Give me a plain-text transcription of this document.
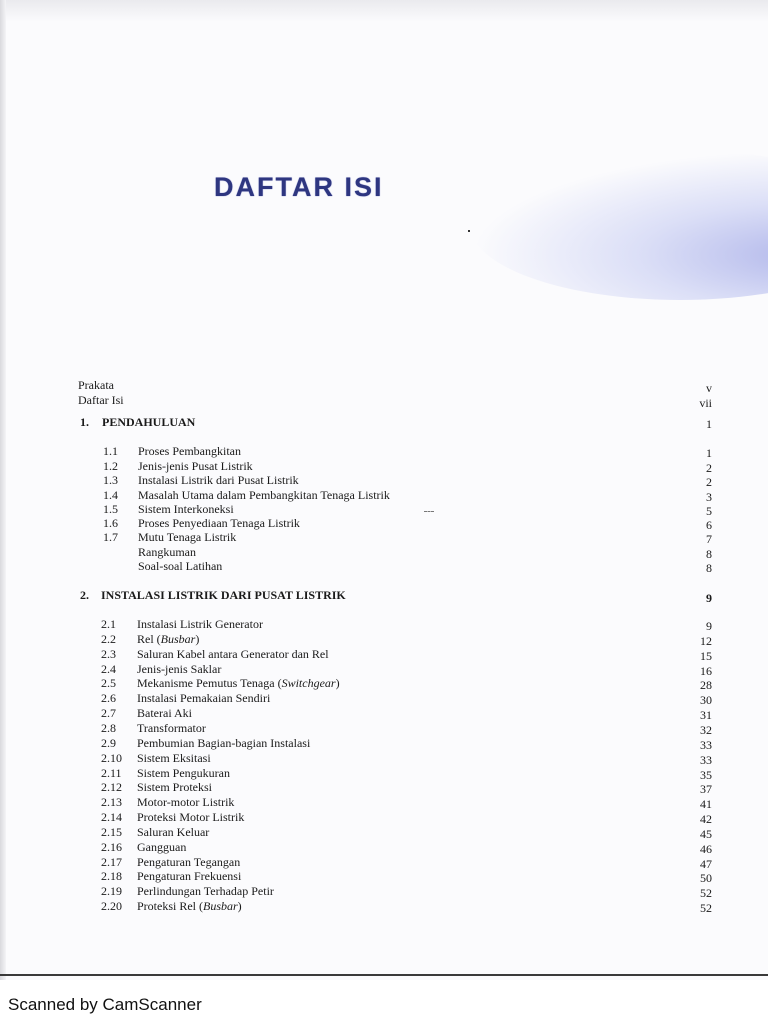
DAFTAR ISI
Prakata	v
Daftar Isi	vii
1. PENDAHULUAN	1
1.1 Proses Pembangkitan	1
1.2 Jenis-jenis Pusat Listrik	2
1.3 Instalasi Listrik dari Pusat Listrik	2
1.4 Masalah Utama dalam Pembangkitan Tenaga Listrik	3
1.5 Sistem Interkoneksi	5
1.6 Proses Penyediaan Tenaga Listrik	6
1.7 Mutu Tenaga Listrik	7
Rangkuman	8
Soal-soal Latihan	8
2. INSTALASI LISTRIK DARI PUSAT LISTRIK	9
2.1 Instalasi Listrik Generator	9
2.2 Rel (Busbar)	12
2.3 Saluran Kabel antara Generator dan Rel	15
2.4 Jenis-jenis Saklar	16
2.5 Mekanisme Pemutus Tenaga (Switchgear)	28
2.6 Instalasi Pemakaian Sendiri	30
2.7 Baterai Aki	31
2.8 Transformator	32
2.9 Pembumian Bagian-bagian Instalasi	33
2.10 Sistem Eksitasi	33
2.11 Sistem Pengukuran	35
2.12 Sistem Proteksi	37
2.13 Motor-motor Listrik	41
2.14 Proteksi Motor Listrik	42
2.15 Saluran Keluar	45
2.16 Gangguan	46
2.17 Pengaturan Tegangan	47
2.18 Pengaturan Frekuensi	50
2.19 Perlindungan Terhadap Petir	52
2.20 Proteksi Rel (Busbar)	52
Scanned by CamScanner
